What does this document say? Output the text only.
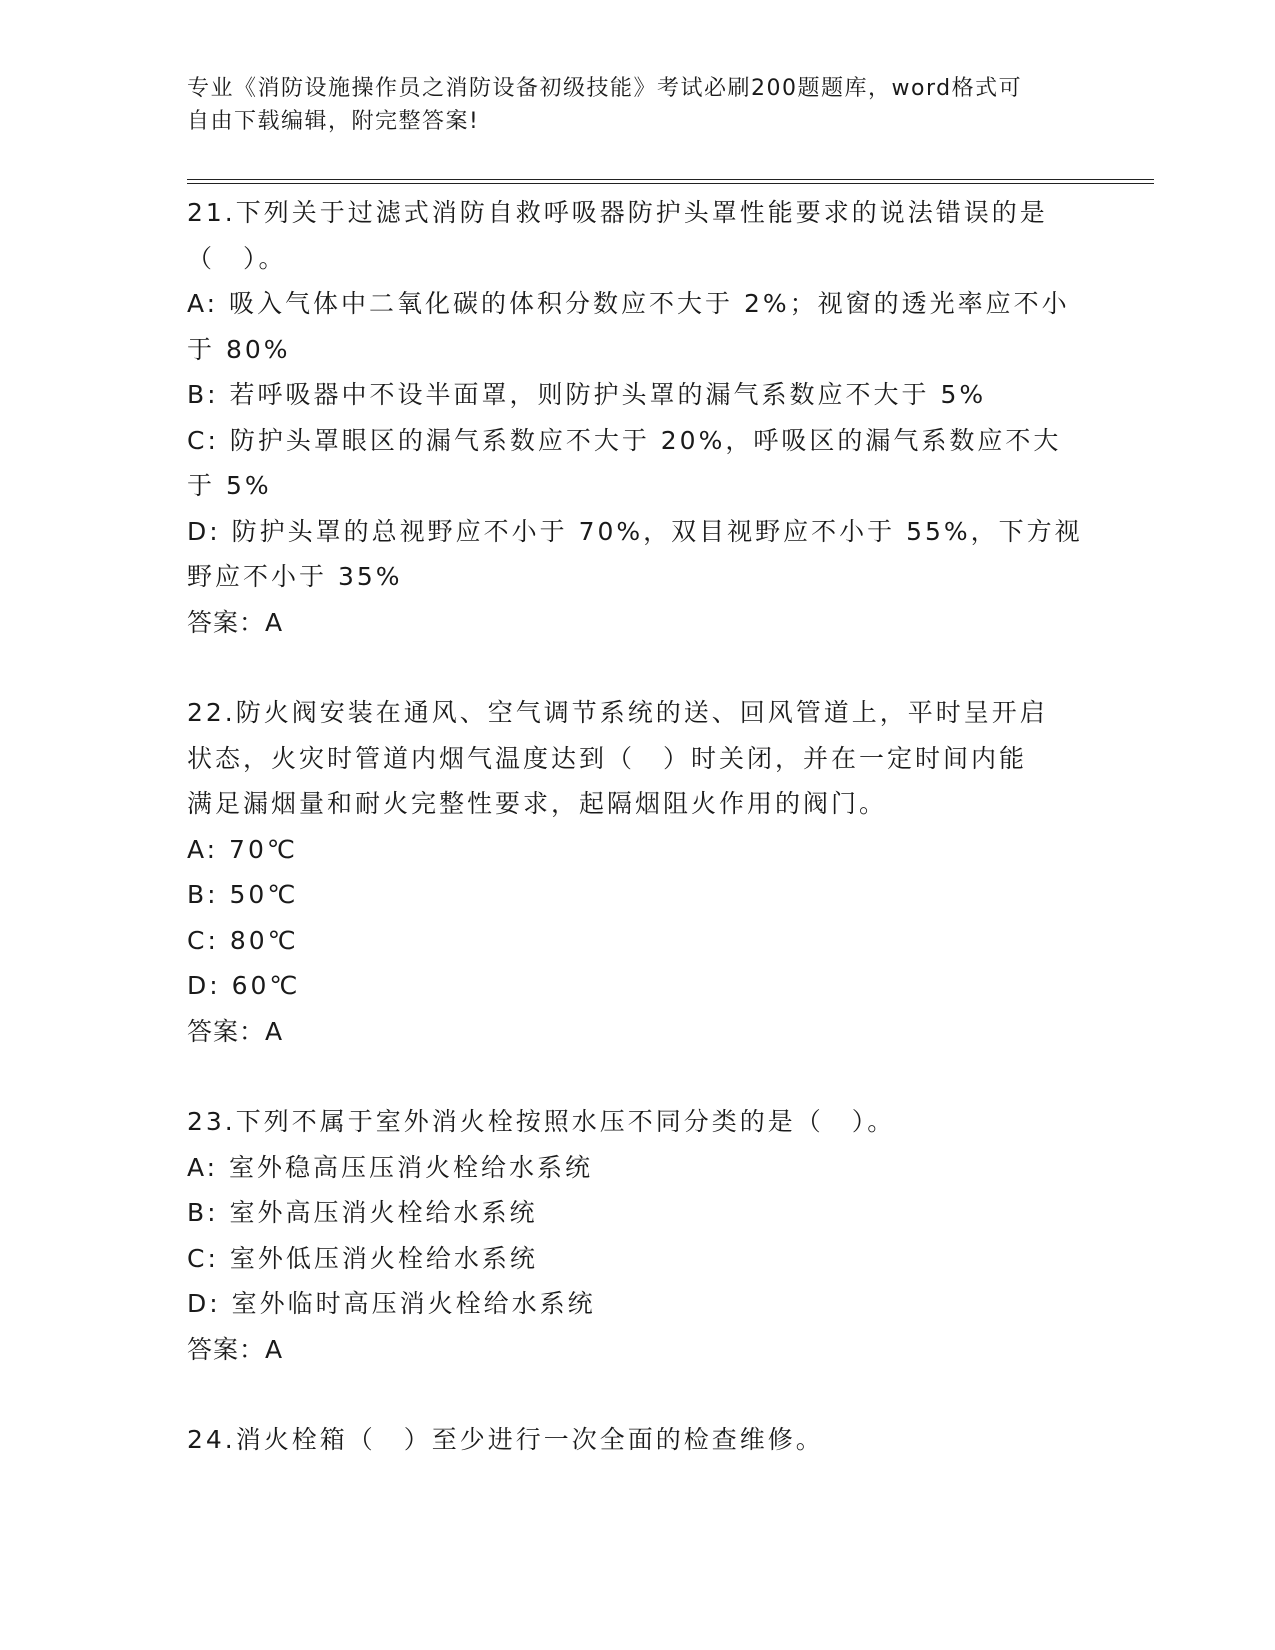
专业《消防设施操作员之消防设备初级技能》考试必刷200题题库，word格式可
自由下载编辑，附完整答案!
21.下列关于过滤式消防自救呼吸器防护头罩性能要求的说法错误的是
（　）。
A: 吸入气体中二氧化碳的体积分数应不大于 2%；视窗的透光率应不小
于 80%
B: 若呼吸器中不设半面罩，则防护头罩的漏气系数应不大于 5%
C: 防护头罩眼区的漏气系数应不大于 20%，呼吸区的漏气系数应不大
于 5%
D: 防护头罩的总视野应不小于 70%，双目视野应不小于 55%，下方视
野应不小于 35%
答案：A
22.防火阀安装在通风、空气调节系统的送、回风管道上，平时呈开启
状态，火灾时管道内烟气温度达到（　）时关闭，并在一定时间内能
满足漏烟量和耐火完整性要求，起隔烟阻火作用的阀门。
A: 70℃
B: 50℃
C: 80℃
D: 60℃
答案：A
23.下列不属于室外消火栓按照水压不同分类的是（　）。
A: 室外稳高压压消火栓给水系统
B: 室外高压消火栓给水系统
C: 室外低压消火栓给水系统
D: 室外临时高压消火栓给水系统
答案：A
24.消火栓箱（　）至少进行一次全面的检查维修。
